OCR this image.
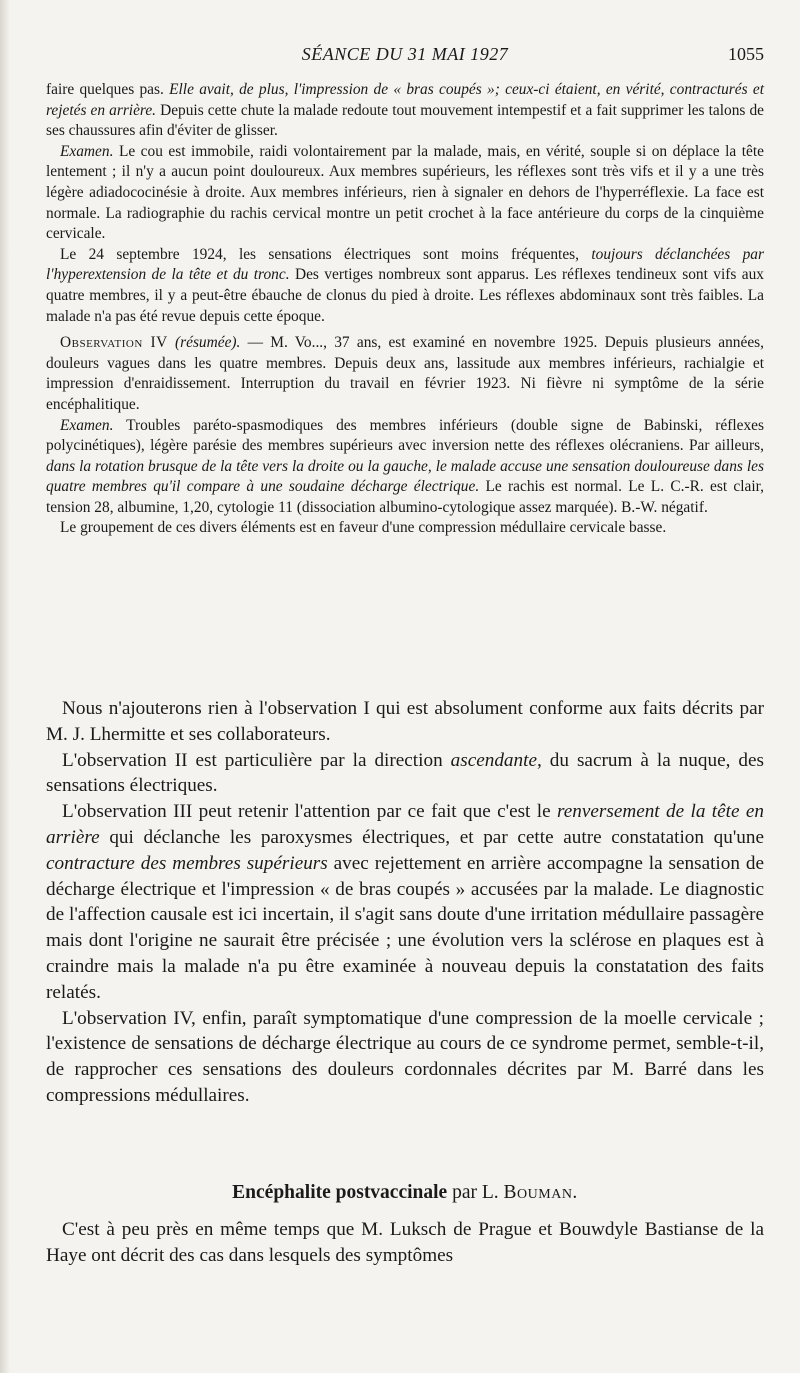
SÉANCE DU 31 MAI 1927	1055

faire quelques pas. Elle avait, de plus, l'impression de « bras coupés »; ceux-ci étaient, en vérité, contracturés et rejetés en arrière. Depuis cette chute la malade redoute tout mouvement intempestif et a fait supprimer les talons de ses chaussures afin d'éviter de glisser.

Examen. Le cou est immobile, raidi volontairement par la malade, mais, en vérité, souple si on déplace la tête lentement ; il n'y a aucun point douloureux. Aux membres supérieurs, les réflexes sont très vifs et il y a une très légère adiadococinésie à droite. Aux membres inférieurs, rien à signaler en dehors de l'hyperréflexie. La face est normale. La radiographie du rachis cervical montre un petit crochet à la face antérieure du corps de la cinquième cervicale.

Le 24 septembre 1924, les sensations électriques sont moins fréquentes, toujours déclanchées par l'hyperextension de la tête et du tronc. Des vertiges nombreux sont apparus. Les réflexes tendineux sont vifs aux quatre membres, il y a peut-être ébauche de clonus du pied à droite. Les réflexes abdominaux sont très faibles. La malade n'a pas été revue depuis cette époque.

Observation IV (résumée). — M. Vo..., 37 ans, est examiné en novembre 1925. Depuis plusieurs années, douleurs vagues dans les quatre membres. Depuis deux ans, lassitude aux membres inférieurs, rachialgie et impression d'enraidissement. Interruption du travail en février 1923. Ni fièvre ni symptôme de la série encéphalitique.

Examen. Troubles paréto-spasmodiques des membres inférieurs (double signe de Babinski, réflexes polycinétiques), légère parésie des membres supérieurs avec inversion nette des réflexes olécraniens. Par ailleurs, dans la rotation brusque de la tête vers la droite ou la gauche, le malade accuse une sensation douloureuse dans les quatre membres qu'il compare à une soudaine décharge électrique. Le rachis est normal. Le L. C.-R. est clair, tension 28, albumine, 1,20, cytologie 11 (dissociation albumino-cytologique assez marquée). B.-W. négatif.

Le groupement de ces divers éléments est en faveur d'une compression médullaire cervicale basse.

Nous n'ajouterons rien à l'observation I qui est absolument conforme aux faits décrits par M. J. Lhermitte et ses collaborateurs.

L'observation II est particulière par la direction ascendante, du sacrum à la nuque, des sensations électriques.

L'observation III peut retenir l'attention par ce fait que c'est le renversement de la tête en arrière qui déclanche les paroxysmes électriques, et par cette autre constatation qu'une contracture des membres supérieurs avec rejettement en arrière accompagne la sensation de décharge électrique et l'impression « de bras coupés » accusées par la malade. Le diagnostic de l'affection causale est ici incertain, il s'agit sans doute d'une irritation médullaire passagère mais dont l'origine ne saurait être précisée ; une évolution vers la sclérose en plaques est à craindre mais la malade n'a pu être examinée à nouveau depuis la constatation des faits relatés.

L'observation IV, enfin, paraît symptomatique d'une compression de la moelle cervicale ; l'existence de sensations de décharge électrique au cours de ce syndrome permet, semble-t-il, de rapprocher ces sensations des douleurs cordonnales décrites par M. Barré dans les compressions médullaires.

Encéphalite postvaccinale par L. Bouman.

C'est à peu près en même temps que M. Luksch de Prague et Bouwdyle Bastianse de la Haye ont décrit des cas dans lesquels des symptômes
